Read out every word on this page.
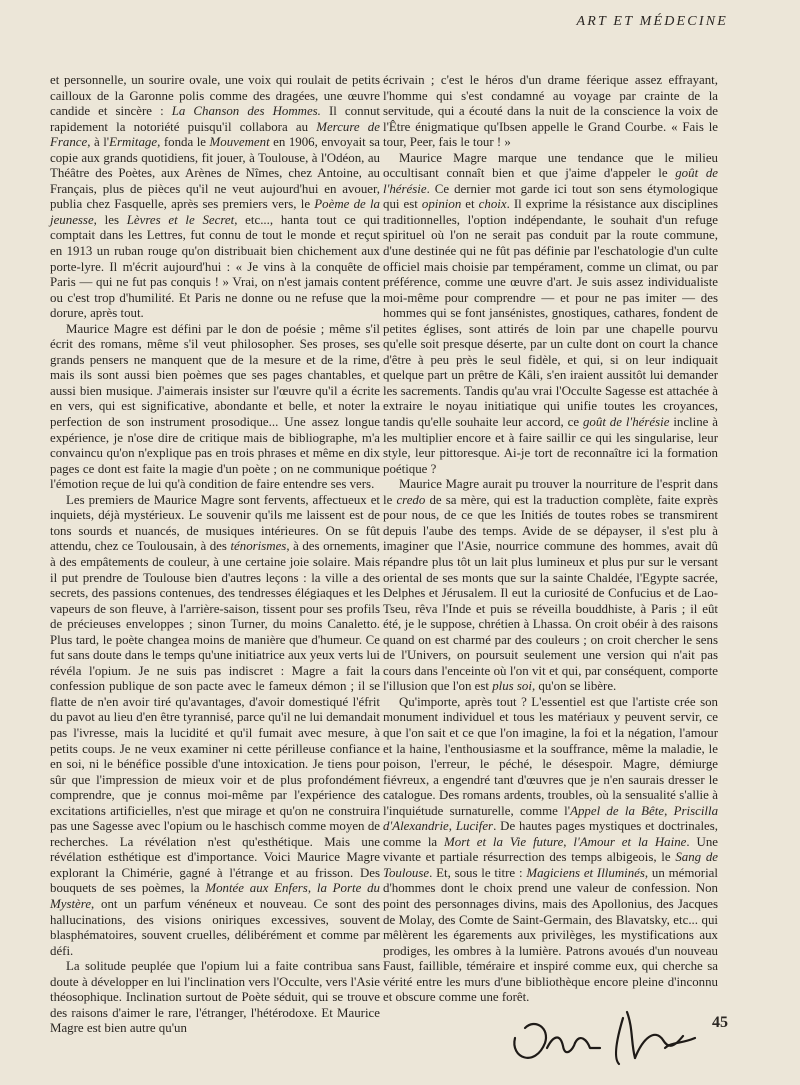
ART ET MÉDECINE

et personnelle, un sourire ovale, une voix qui roulait de petits cailloux de la Garonne polis comme des dragées, une œuvre candide et sincère : La Chanson des Hommes. Il connut rapidement la notoriété puisqu'il collabora au Mercure de France, à l'Ermitage, fonda le Mouvement en 1906, envoyait sa copie aux grands quotidiens, fit jouer, à Toulouse, à l'Odéon, au Théâtre des Poètes, aux Arènes de Nîmes, chez Antoine, au Français, plus de pièces qu'il ne veut aujourd'hui en avouer, publia chez Fasquelle, après ses premiers vers, le Poème de la jeunesse, les Lèvres et le Secret, etc..., hanta tout ce qui comptait dans les Lettres, fut connu de tout le monde et reçut en 1913 un ruban rouge qu'on distribuait bien chichement aux porte-lyre. Il m'écrit aujourd'hui : « Je vins à la conquête de Paris — qui ne fut pas conquis ! » Vrai, on n'est jamais content ou c'est trop d'humilité. Et Paris ne donne ou ne refuse que la dorure, après tout.

Maurice Magre est défini par le don de poésie ; même s'il écrit des romans, même s'il veut philosopher. Ses proses, ses grands pensers ne manquent que de la mesure et de la rime, mais ils sont aussi bien poèmes que ses pages chantables, et aussi bien musique. J'aimerais insister sur l'œuvre qu'il a écrite en vers, qui est significative, abondante et belle, et noter la perfection de son instrument prosodique... Une assez longue expérience, je n'ose dire de critique mais de bibliographe, m'a convaincu qu'on n'explique pas en trois phrases et même en dix pages ce dont est faite la magie d'un poète ; on ne communique l'émotion reçue de lui qu'à condition de faire entendre ses vers.

Les premiers de Maurice Magre sont fervents, affectueux et inquiets, déjà mystérieux. Le souvenir qu'ils me laissent est de tons sourds et nuancés, de musiques intérieures. On se fût attendu, chez ce Toulousain, à des ténorismes, à des ornements, à des empâtements de couleur, à une certaine joie solaire. Mais il put prendre de Toulouse bien d'autres leçons : la ville a des secrets, des passions contenues, des tendresses élégiaques et les vapeurs de son fleuve, à l'arrière-saison, tissent pour ses profils de précieuses enveloppes ; sinon Turner, du moins Canaletto. Plus tard, le poète changea moins de manière que d'humeur. Ce fut sans doute dans le temps qu'une initiatrice aux yeux verts lui révéla l'opium. Je ne suis pas indiscret : Magre a fait la confession publique de son pacte avec le fameux démon ; il se flatte de n'en avoir tiré qu'avantages, d'avoir domestiqué l'éfrit du pavot au lieu d'en être tyrannisé, parce qu'il ne lui demandait pas l'ivresse, mais la lucidité et qu'il fumait avec mesure, à petits coups. Je ne veux examiner ni cette périlleuse confiance en soi, ni le bénéfice possible d'une intoxication. Je tiens pour sûr que l'impression de mieux voir et de plus profondément comprendre, que je connus moi-même par l'expérience des excitations artificielles, n'est que mirage et qu'on ne construira pas une Sagesse avec l'opium ou le haschisch comme moyen de recherches. La révélation n'est qu'esthétique. Mais une révélation esthétique est d'importance. Voici Maurice Magre explorant la Chimérie, gagné à l'étrange et au frisson. Des bouquets de ses poèmes, la Montée aux Enfers, la Porte du Mystère, ont un parfum vénéneux et nouveau. Ce sont des hallucinations, des visions oniriques excessives, souvent blasphématoires, souvent cruelles, délibérément et comme par défi.

La solitude peuplée que l'opium lui a faite contribua sans doute à développer en lui l'inclination vers l'Occulte, vers l'Asie théosophique. Inclination surtout de Poète séduit, qui se trouve des raisons d'aimer le rare, l'étranger, l'hétérodoxe. Et Maurice Magre est bien autre qu'un

écrivain ; c'est le héros d'un drame féerique assez effrayant, l'homme qui s'est condamné au voyage par crainte de la servitude, qui a écouté dans la nuit de la conscience la voix de l'Être énigmatique qu'Ibsen appelle le Grand Courbe. « Fais le tour, Peer, fais le tour ! »

Maurice Magre marque une tendance que le milieu occultisant connaît bien et que j'aime d'appeler le goût de l'hérésie. Ce dernier mot garde ici tout son sens étymologique qui est opinion et choix. Il exprime la résistance aux disciplines traditionnelles, l'option indépendante, le souhait d'un refuge spirituel où l'on ne serait pas conduit par la route commune, d'une destinée qui ne fût pas définie par l'eschatologie d'un culte officiel mais choisie par tempérament, comme un climat, ou par préférence, comme une œuvre d'art. Je suis assez individualiste moi-même pour comprendre — et pour ne pas imiter — des hommes qui se font jansénistes, gnostiques, cathares, fondent de petites églises, sont attirés de loin par une chapelle pourvu qu'elle soit presque déserte, par un culte dont on court la chance d'être à peu près le seul fidèle, et qui, si on leur indiquait quelque part un prêtre de Kâli, s'en iraient aussitôt lui demander les sacrements. Tandis qu'au vrai l'Occulte Sagesse est attachée à extraire le noyau initiatique qui unifie toutes les croyances, tandis qu'elle souhaite leur accord, ce goût de l'hérésie incline à les multiplier encore et à faire saillir ce qui les singularise, leur style, leur pittoresque. Ai-je tort de reconnaître ici la formation poétique ?

Maurice Magre aurait pu trouver la nourriture de l'esprit dans le credo de sa mère, qui est la traduction complète, faite exprès pour nous, de ce que les Initiés de toutes robes se transmirent depuis l'aube des temps. Avide de se dépayser, il s'est plu à imaginer que l'Asie, nourrice commune des hommes, avait dû répandre plus tôt un lait plus lumineux et plus pur sur le versant oriental de ses monts que sur la sainte Chaldée, l'Egypte sacrée, Delphes et Jérusalem. Il eut la curiosité de Confucius et de Lao-Tseu, rêva l'Inde et puis se réveilla bouddhiste, à Paris ; il eût été, je le suppose, chrétien à Lhassa. On croit obéir à des raisons quand on est charmé par des couleurs ; on croit chercher le sens de l'Univers, on poursuit seulement une version qui n'ait pas cours dans l'enceinte où l'on vit et qui, par conséquent, comporte l'illusion que l'on est plus soi, qu'on se libère.

Qu'importe, après tout ? L'essentiel est que l'artiste crée son monument individuel et tous les matériaux y peuvent servir, ce que l'on sait et ce que l'on imagine, la foi et la négation, l'amour et la haine, l'enthousiasme et la souffrance, même la maladie, le poison, l'erreur, le péché, le désespoir. Magre, démiurge fiévreux, a engendré tant d'œuvres que je n'en saurais dresser le catalogue. Des romans ardents, troubles, où la sensualité s'allie à l'inquiétude surnaturelle, comme l'Appel de la Bête, Priscilla d'Alexandrie, Lucifer. De hautes pages mystiques et doctrinales, comme la Mort et la Vie future, l'Amour et la Haine. Une vivante et partiale résurrection des temps albigeois, le Sang de Toulouse. Et, sous le titre : Magiciens et Illuminés, un mémorial d'hommes dont le choix prend une valeur de confession. Non point des personnages divins, mais des Apollonius, des Jacques de Molay, des Comte de Saint-Germain, des Blavatsky, etc... qui mêlèrent les égarements aux privilèges, les mystifications aux prodiges, les ombres à la lumière. Patrons avoués d'un nouveau Faust, faillible, téméraire et inspiré comme eux, qui cherche sa vérité entre les murs d'une bibliothèque encore pleine d'inconnu et obscure comme une forêt.

45
